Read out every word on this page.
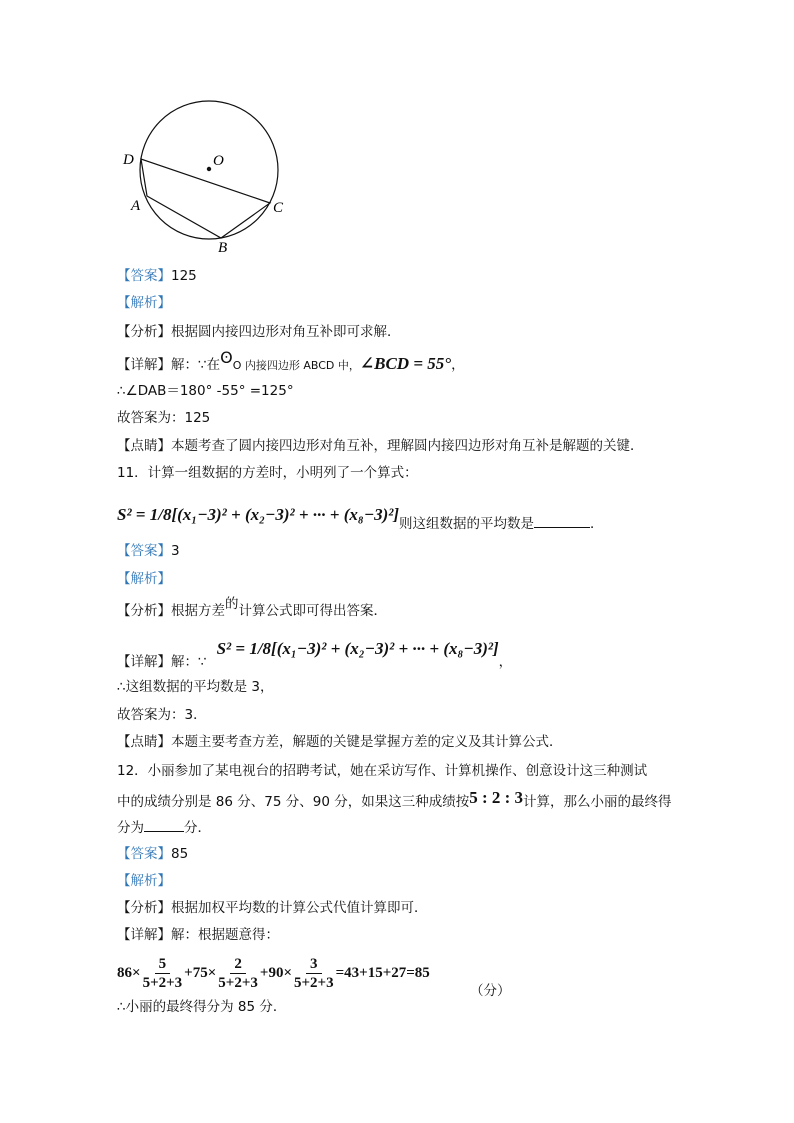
D	O
A	C
B
【答案】125
【解析】
【分析】根据圆内接四边形对角互补即可求解．
【详解】解：∵在ʘO 内接四边形 ABCD 中，∠BCD = 55°，
∴∠DAB＝180° -55° =125°
故答案为：125
【点睛】本题考查了圆内接四边形对角互补，理解圆内接四边形对角互补是解题的关键．
11．计算一组数据的方差时，小明列了一个算式：
S² = 1/8[(x₁−3)² + (x₂−3)² + ··· + (x₈−3)²]则这组数据的平均数是	．
【答案】3
【解析】
【分析】根据方差的计算公式即可得出答案．
【详解】解：∵S² = 1/8[(x₁−3)² + (x₂−3)² + ··· + (x₈−3)²]，
∴这组数据的平均数是 3，
故答案为：3．
【点睛】本题主要考查方差，解题的关键是掌握方差的定义及其计算公式．
12．小丽参加了某电视台的招聘考试，她在采访写作、计算机操作、创意设计这三种测试
中的成绩分别是 86 分、75 分、90 分，如果这三种成绩按5 : 2 : 3计算，那么小丽的最终得
分为	分．
【答案】85
【解析】
【分析】根据加权平均数的计算公式代值计算即可．
【详解】解：根据题意得：
$86\times \frac{5}{5+2+3} +75\times \frac{2}{5+2+3} +90\times \frac{3}{5+2+3} =43+15+27=85$
（分）
∴小丽的最终得分为 85 分．
